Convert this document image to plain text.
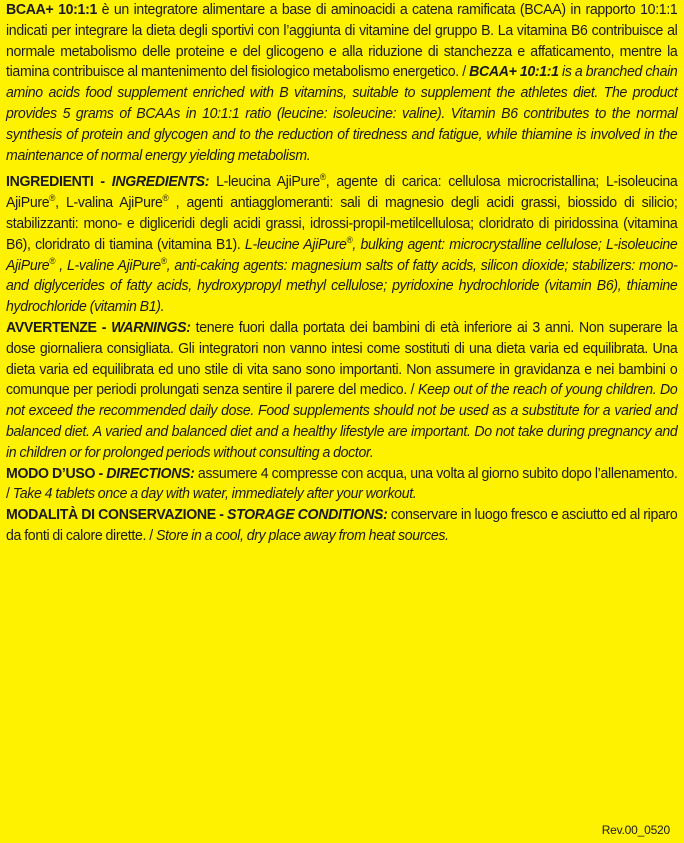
BCAA+ 10:1:1 è un integratore alimentare a base di aminoacidi a catena ramificata (BCAA) in rapporto 10:1:1 indicati per integrare la dieta degli sportivi con l’aggiunta di vitamine del gruppo B. La vitamina B6 contribuisce al normale metabolismo delle proteine e del glicogeno e alla riduzione di stanchezza e affaticamento, mentre la tiamina contribuisce al mantenimento del fisiologico metabolismo energetico. / BCAA+ 10:1:1 is a branched chain amino acids food supplement enriched with B vitamins, suitable to supplement the athletes diet. The product provides 5 grams of BCAAs in 10:1:1 ratio (leucine: isoleucine: valine). Vitamin B6 contributes to the normal synthesis of protein and glycogen and to the reduction of tiredness and fatigue, while thiamine is involved in the maintenance of normal energy yielding metabolism.

INGREDIENTI - INGREDIENTS: L-leucina AjiPure®, agente di carica: cellulosa microcristallina; L-isoleucina AjiPure®, L-valina AjiPure® , agenti antiagglomeranti: sali di magnesio degli acidi grassi, biossido di silicio; stabilizzanti: mono- e digliceridi degli acidi grassi, idrossi-propil-metilcellulosa; cloridrato di piridossina (vitamina B6), cloridrato di tiamina (vitamina B1). L-leucine AjiPure®, bulking agent: microcrystalline cellulose; L-isoleucine AjiPure® , L-valine AjiPure®, anti-caking agents: magnesium salts of fatty acids, silicon dioxide; stabilizers: mono- and diglycerides of fatty acids, hydroxypropyl methyl cellulose; pyridoxine hydrochloride (vitamin B6), thiamine hydrochloride (vitamin B1).

AVVERTENZE - WARNINGS: tenere fuori dalla portata dei bambini di età inferiore ai 3 anni. Non superare la dose giornaliera consigliata. Gli integratori non vanno intesi come sostituti di una dieta varia ed equilibrata. Una dieta varia ed equilibrata ed uno stile di vita sano sono importanti. Non assumere in gravidanza e nei bambini o comunque per periodi prolungati senza sentire il parere del medico. / Keep out of the reach of young children. Do not exceed the recommended daily dose. Food supplements should not be used as a substitute for a varied and balanced diet. A varied and balanced diet and a healthy lifestyle are important. Do not take during pregnancy and in children or for prolonged periods without consulting a doctor.

MODO D’USO - DIRECTIONS: assumere 4 compresse con acqua, una volta al giorno subito dopo l’allenamento. / Take 4 tablets once a day with water, immediately after your workout.

MODALITÀ DI CONSERVAZIONE - STORAGE CONDITIONS: conservare in luogo fresco e asciutto ed al riparo da fonti di calore dirette. / Store in a cool, dry place away from heat sources.

Rev.00_0520
